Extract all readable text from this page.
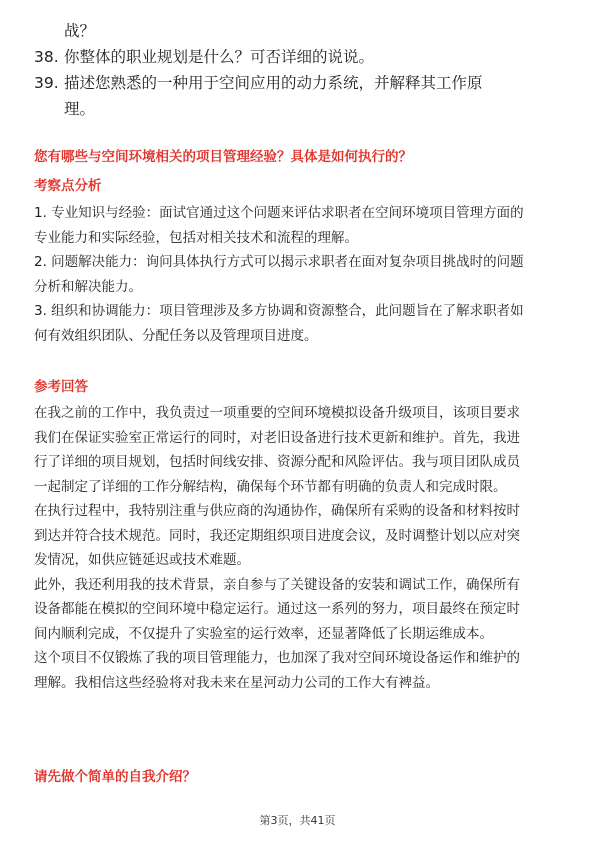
战？
38. 你整体的职业规划是什么？可否详细的说说。
39. 描述您熟悉的一种用于空间应用的动力系统，并解释其工作原
理。
您有哪些与空间环境相关的项目管理经验？具体是如何执行的？
考察点分析

1. 专业知识与经验：面试官通过这个问题来评估求职者在空间环境项目管理方面的

专业能力和实际经验，包括对相关技术和流程的理解。

2. 问题解决能力：询问具体执行方式可以揭示求职者在面对复杂项目挑战时的问题

分析和解决能力。

3. 组织和协调能力：项目管理涉及多方协调和资源整合，此问题旨在了解求职者如

何有效组织团队、分配任务以及管理项目进度。

参考回答

在我之前的工作中，我负责过一项重要的空间环境模拟设备升级项目，该项目要求

我们在保证实验室正常运行的同时，对老旧设备进行技术更新和维护。首先，我进

行了详细的项目规划，包括时间线安排、资源分配和风险评估。我与项目团队成员

一起制定了详细的工作分解结构，确保每个环节都有明确的负责人和完成时限。

在执行过程中，我特别注重与供应商的沟通协作，确保所有采购的设备和材料按时

到达并符合技术规范。同时，我还定期组织项目进度会议，及时调整计划以应对突

发情况，如供应链延迟或技术难题。

此外，我还利用我的技术背景，亲自参与了关键设备的安装和调试工作，确保所有

设备都能在模拟的空间环境中稳定运行。通过这一系列的努力，项目最终在预定时

间内顺利完成，不仅提升了实验室的运行效率，还显著降低了长期运维成本。

这个项目不仅锻炼了我的项目管理能力，也加深了我对空间环境设备运作和维护的

理解。我相信这些经验将对我未来在星河动力公司的工作大有裨益。

请先做个简单的自我介绍？
第3页，共41页
